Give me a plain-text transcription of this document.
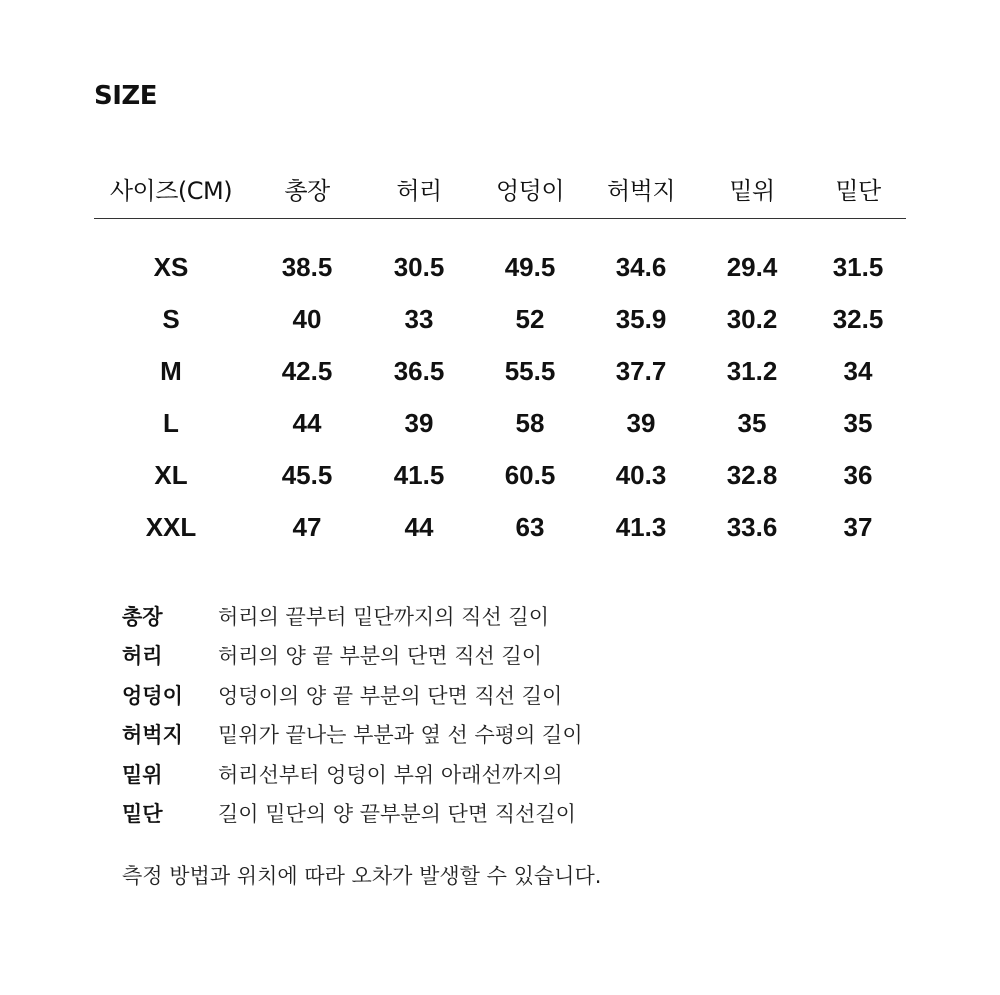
SIZE
사이즈(CM)	총장	허리	엉덩이	허벅지	밑위	밑단

XS	38.5	30.5	49.5	34.6	29.4	31.5
S	40	33	52	35.9	30.2	32.5
M	42.5	36.5	55.5	37.7	31.2	34
L	44	39	58	39	35	35
XL	45.5	41.5	60.5	40.3	32.8	36
XXL	47	44	63	41.3	33.6	37
총장	허리의 끝부터 밑단까지의 직선 길이
허리	허리의 양 끝 부분의 단면 직선 길이
엉덩이	엉덩이의 양 끝 부분의 단면 직선 길이
허벅지	밑위가 끝나는 부분과 옆 선 수평의 길이
밑위	허리선부터 엉덩이 부위 아래선까지의
밑단	길이 밑단의 양 끝부분의 단면 직선길이
측정 방법과 위치에 따라 오차가 발생할 수 있습니다.
